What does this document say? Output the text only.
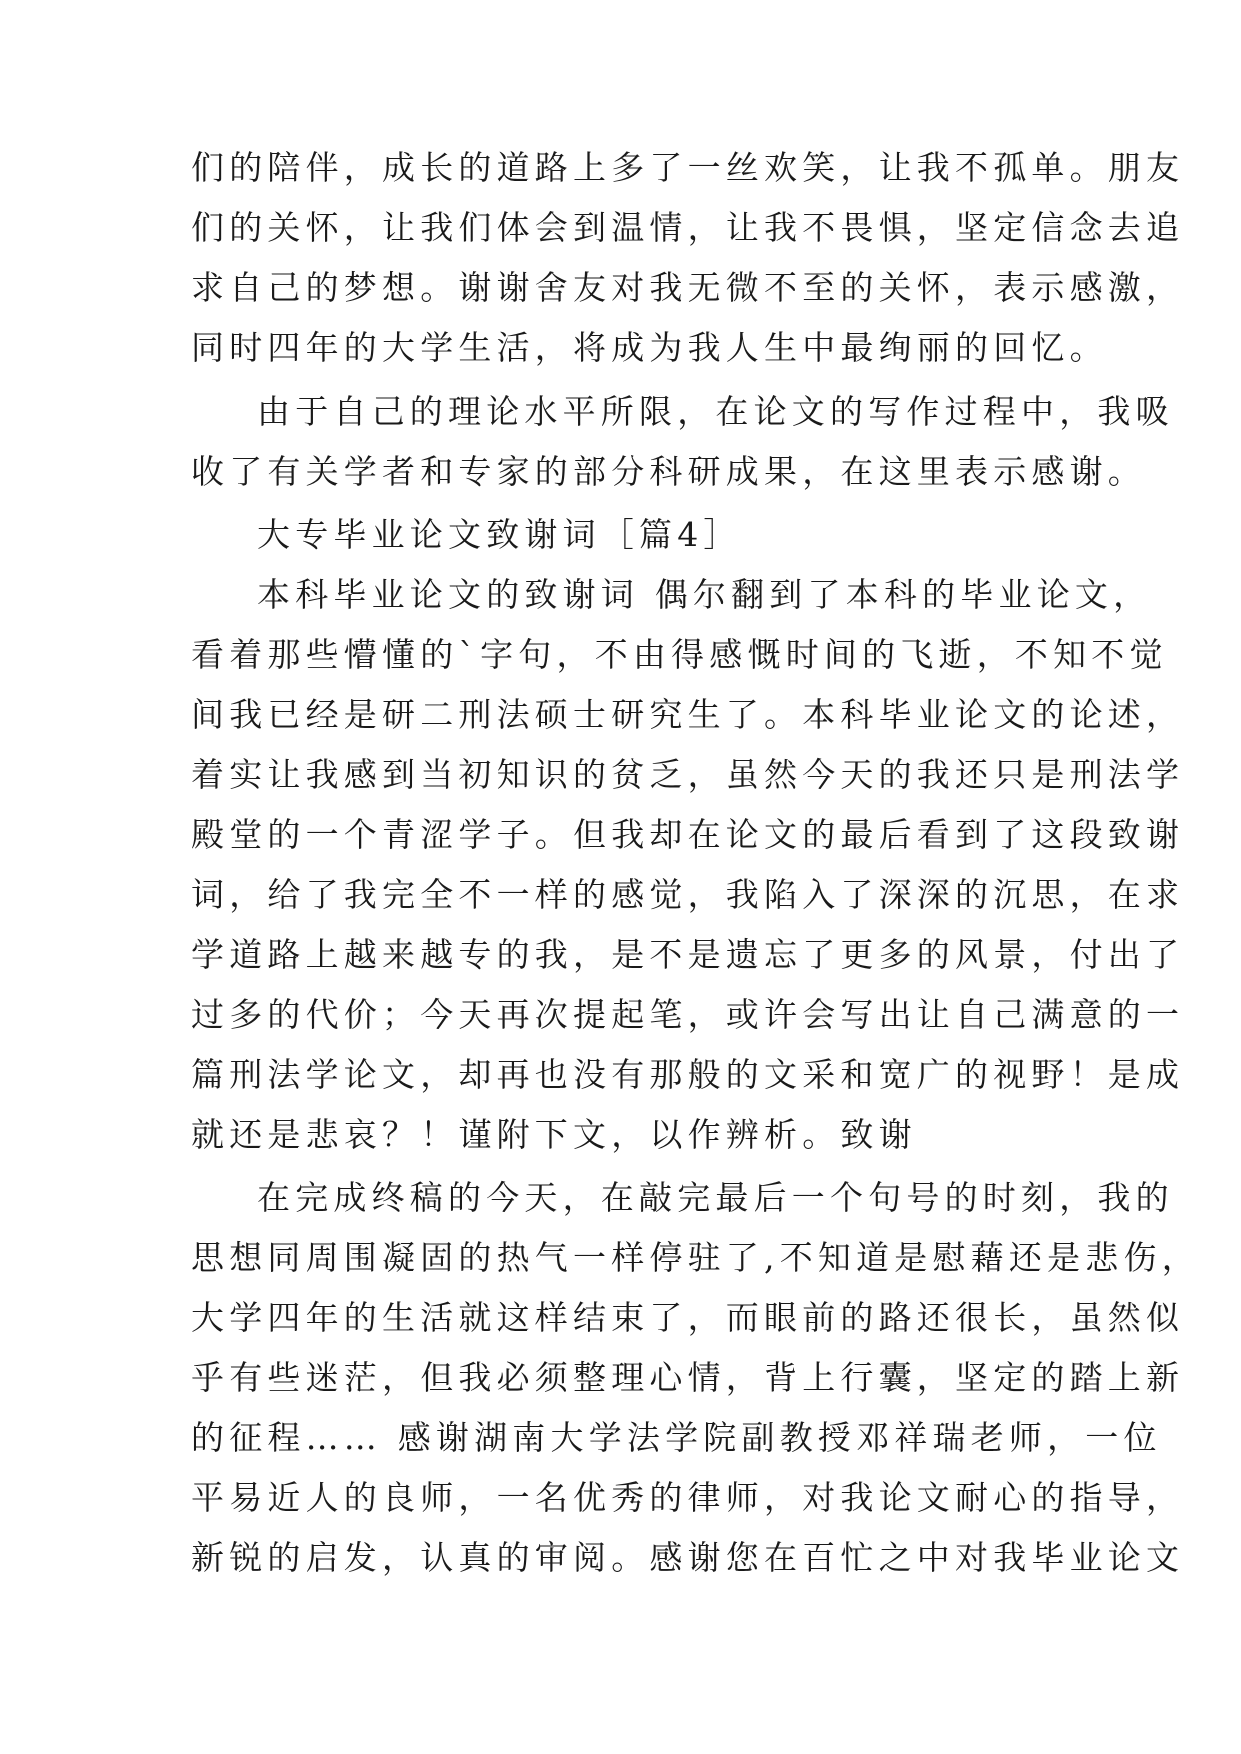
们的陪伴，成长的道路上多了一丝欢笑，让我不孤单。朋友
们的关怀，让我们体会到温情，让我不畏惧，坚定信念去追
求自己的梦想。谢谢舍友对我无微不至的关怀，表示感激，
同时四年的大学生活，将成为我人生中最绚丽的回忆。
由于自己的理论水平所限，在论文的写作过程中，我吸
收了有关学者和专家的部分科研成果，在这里表示感谢。
大专毕业论文致谢词［篇4］
本科毕业论文的致谢词 偶尔翻到了本科的毕业论文，
看着那些懵懂的`字句，不由得感慨时间的飞逝，不知不觉
间我已经是研二刑法硕士研究生了。本科毕业论文的论述，
着实让我感到当初知识的贫乏，虽然今天的我还只是刑法学
殿堂的一个青涩学子。但我却在论文的最后看到了这段致谢
词，给了我完全不一样的感觉，我陷入了深深的沉思，在求
学道路上越来越专的我，是不是遗忘了更多的风景，付出了
过多的代价；今天再次提起笔，或许会写出让自己满意的一
篇刑法学论文，却再也没有那般的文采和宽广的视野！是成
就还是悲哀？！谨附下文，以作辨析。致谢
在完成终稿的今天，在敲完最后一个句号的时刻，我的
思想同周围凝固的热气一样停驻了,不知道是慰藉还是悲伤，
大学四年的生活就这样结束了，而眼前的路还很长，虽然似
乎有些迷茫，但我必须整理心情，背上行囊，坚定的踏上新
的征程…… 感谢湖南大学法学院副教授邓祥瑞老师，一位
平易近人的良师，一名优秀的律师，对我论文耐心的指导，
新锐的启发，认真的审阅。感谢您在百忙之中对我毕业论文
